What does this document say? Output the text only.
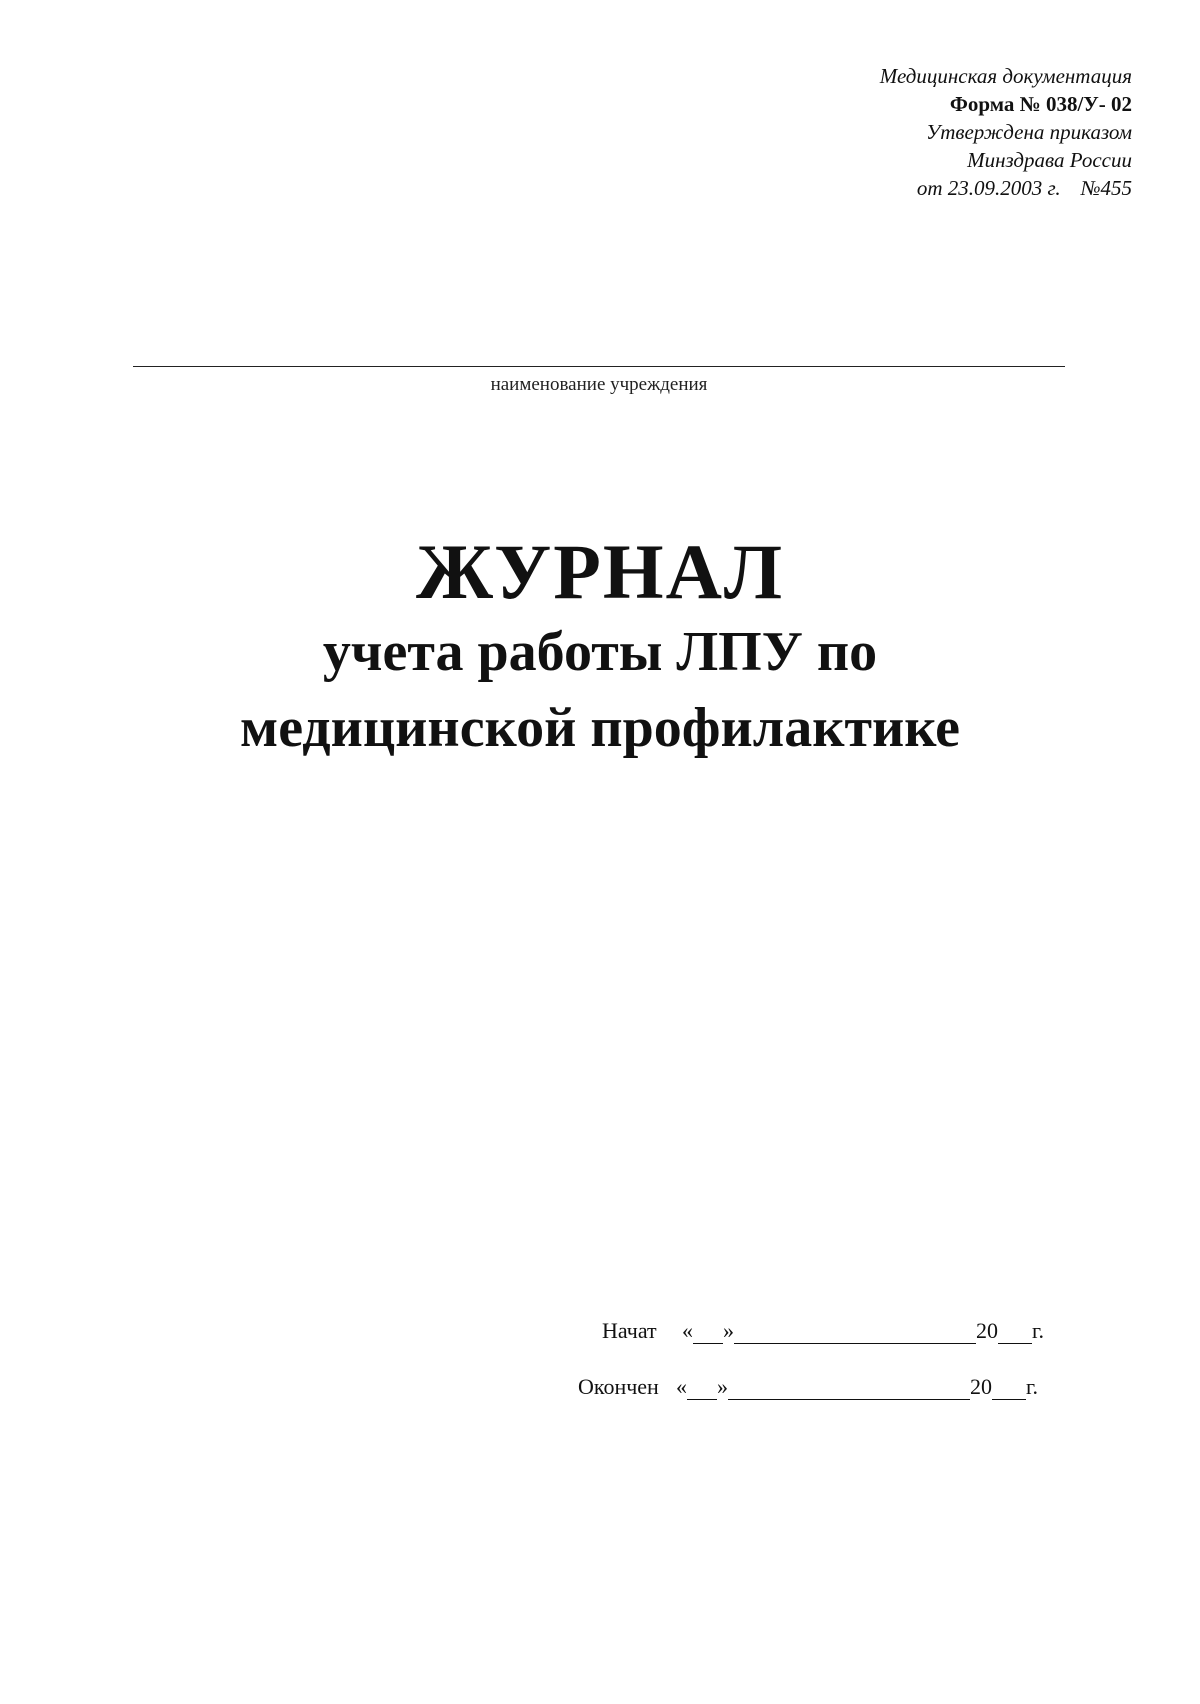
Медицинская документация
Форма № 038/У- 02
Утверждена приказом
Минздрава России
от 23.09.2003 г. №455
наименование учреждения
ЖУРНАЛ
учета работы ЛПУ по
медицинской профилактике
Начат	« »	20 г.
Окончен « »	20 г.
